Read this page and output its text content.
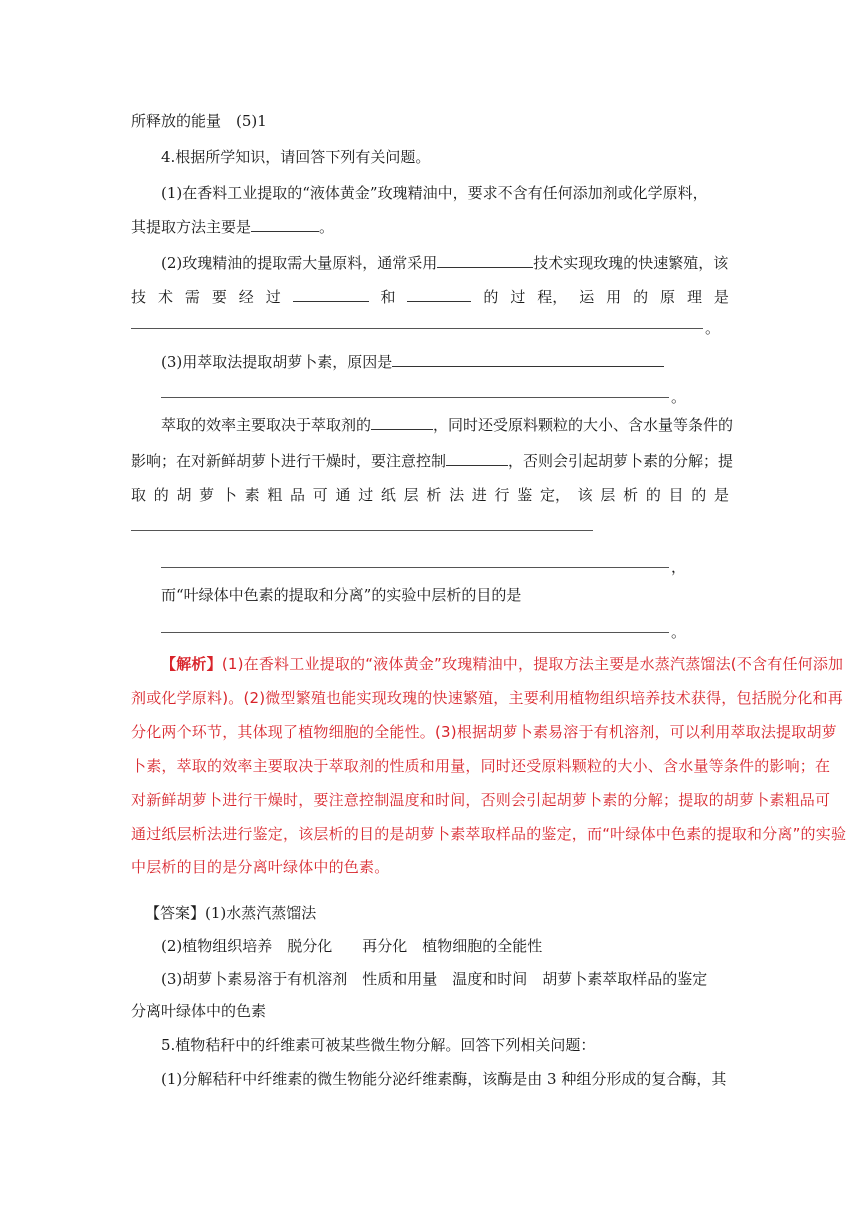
所释放的能量　(5)1
4.根据所学知识，请回答下列有关问题。
(1)在香料工业提取的“液体黄金”玫瑰精油中，要求不含有任何添加剂或化学原料，
其提取方法主要是	。
(2)玫瑰精油的提取需大量原料，通常采用	技术实现玫瑰的快速繁殖，该
技 术 需 要 经 过	和	的 过 程， 运 用 的 原 理 是
。
(3)用萃取法提取胡萝卜素，原因是
。
萃取的效率主要取决于萃取剂的	，同时还受原料颗粒的大小、含水量等条件的
影响；在对新鲜胡萝卜进行干燥时，要注意控制	，否则会引起胡萝卜素的分解；提
取 的 胡 萝 卜 素 粗 品 可 通 过 纸 层 析 法 进 行 鉴 定， 该 层 析 的 目 的 是
，
而“叶绿体中色素的提取和分离”的实验中层析的目的是
。
【解析】(1)在香料工业提取的“液体黄金”玫瑰精油中，提取方法主要是水蒸汽蒸馏法(不含有任何添加
剂或化学原料)。(2)微型繁殖也能实现玫瑰的快速繁殖，主要利用植物组织培养技术获得，包括脱分化和再
分化两个环节，其体现了植物细胞的全能性。(3)根据胡萝卜素易溶于有机溶剂，可以利用萃取法提取胡萝
卜素，萃取的效率主要取决于萃取剂的性质和用量，同时还受原料颗粒的大小、含水量等条件的影响；在
对新鲜胡萝卜进行干燥时，要注意控制温度和时间，否则会引起胡萝卜素的分解；提取的胡萝卜素粗品可
通过纸层析法进行鉴定，该层析的目的是胡萝卜素萃取样品的鉴定，而“叶绿体中色素的提取和分离”的实验
中层析的目的是分离叶绿体中的色素。
【答案】(1)水蒸汽蒸馏法
(2)植物组织培养　脱分化　　再分化　植物细胞的全能性
(3)胡萝卜素易溶于有机溶剂　性质和用量　温度和时间　胡萝卜素萃取样品的鉴定
分离叶绿体中的色素
5.植物秸秆中的纤维素可被某些微生物分解。回答下列相关问题：
(1)分解秸秆中纤维素的微生物能分泌纤维素酶，该酶是由 3 种组分形成的复合酶，其
